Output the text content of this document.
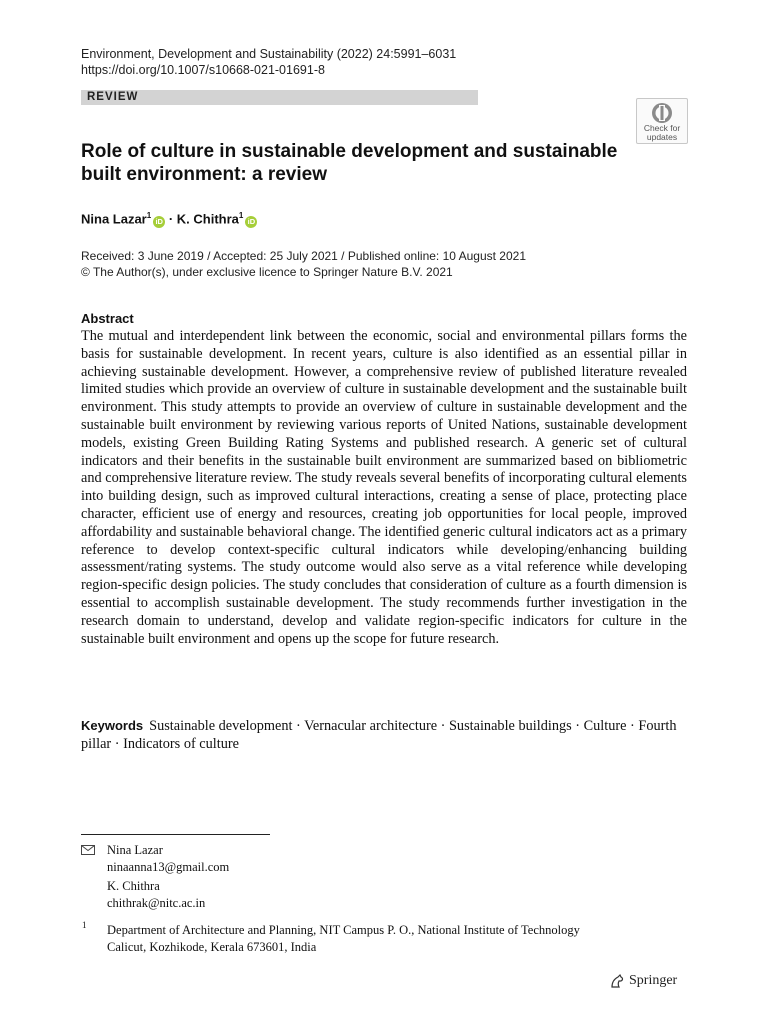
Environment, Development and Sustainability (2022) 24:5991–6031
https://doi.org/10.1007/s10668-021-01691-8
REVIEW
Check for
updates
Role of culture in sustainable development and sustainable built environment: a review
Nina Lazar$^1$iD · K. Chithra$^1$iD
Received: 3 June 2019 / Accepted: 25 July 2021 / Published online: 10 August 2021
© The Author(s), under exclusive licence to Springer Nature B.V. 2021
Abstract
The mutual and interdependent link between the economic, social and environmental pillars forms the basis for sustainable development. In recent years, culture is also identified as an essential pillar in achieving sustainable development. However, a comprehensive review of published literature revealed limited studies which provide an overview of culture in sustainable development and the sustainable built environment. This study attempts to provide an overview of culture in sustainable development and the sustainable built environment by reviewing various reports of United Nations, sustainable development models, existing Green Building Rating Systems and published research. A generic set of cultural indicators and their benefits in the sustainable built environment are summarized based on bibliometric and comprehensive literature review. The study reveals several benefits of incorporating cultural elements into building design, such as improved cultural interactions, creating a sense of place, protecting place character, efficient use of energy and resources, creating job opportunities for local people, improved affordability and sustainable behavioral change. The identified generic cultural indicators act as a primary reference to develop context-specific cultural indicators while developing/enhancing building assessment/rating systems. The study outcome would also serve as a vital reference while developing region-specific design policies. The study concludes that consideration of culture as a fourth dimension is essential to accomplish sustainable development. The study recommends further investigation in the research domain to understand, develop and validate region-specific indicators for culture in the sustainable built environment and opens up the scope for future research.
Keywords Sustainable development · Vernacular architecture · Sustainable buildings · Culture · Fourth pillar · Indicators of culture
Nina Lazar
ninaanna13@gmail.com
K. Chithra
chithrak@nitc.ac.in
1 Department of Architecture and Planning, NIT Campus P. O., National Institute of Technology
Calicut, Kozhikode, Kerala 673601, India
Springer
